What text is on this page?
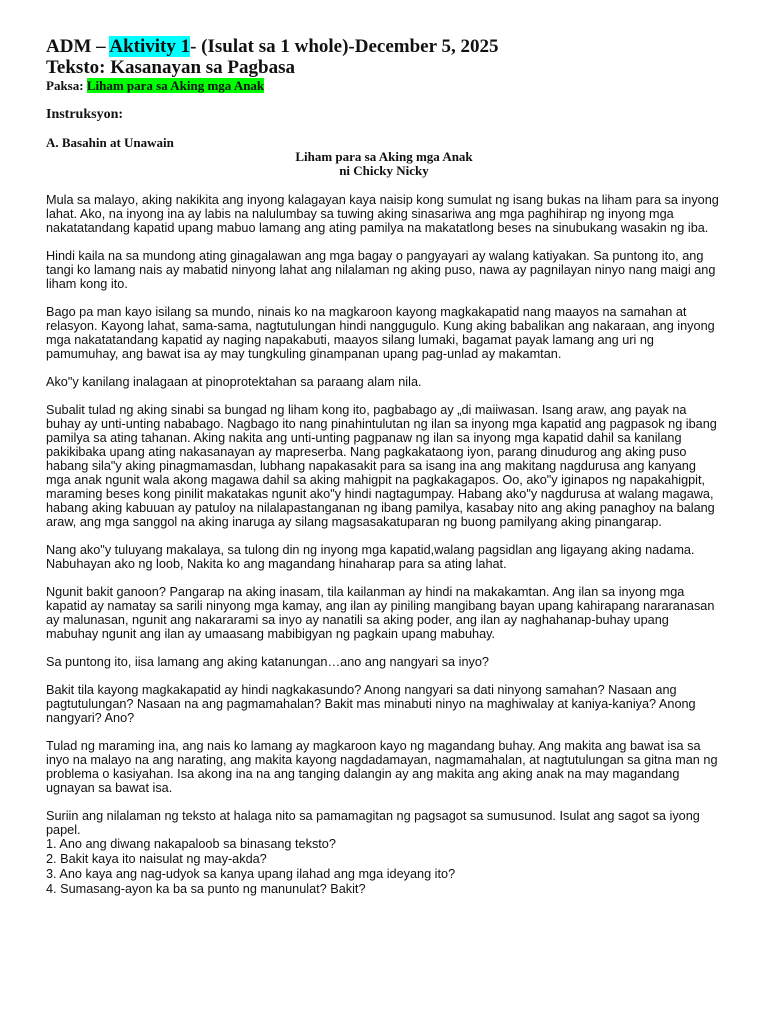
ADM – Aktivity 1- (Isulat sa 1 whole)-December 5, 2025
Teksto: Kasanayan sa Pagbasa
Paksa: Liham para sa Aking mga Anak
Instruksyon:
A. Basahin at Unawain
Liham para sa Aking mga Anak
ni Chicky Nicky

Mula sa malayo, aking nakikita ang inyong kalagayan kaya naisip kong sumulat ng isang bukas na liham para sa inyong lahat. Ako, na inyong ina ay labis na nalulumbay sa tuwing aking sinasariwa ang mga paghihirap ng inyong mga nakatatandang kapatid upang mabuo lamang ang ating pamilya na makatatlong beses na sinubukang wasakin ng iba.

Hindi kaila na sa mundong ating ginagalawan ang mga bagay o pangyayari ay walang katiyakan. Sa puntong ito, ang tangi ko lamang nais ay mabatid ninyong lahat ang nilalaman ng aking puso, nawa ay pagnilayan ninyo nang maigi ang liham kong ito.

Bago pa man kayo isilang sa mundo, ninais ko na magkaroon kayong magkakapatid nang maayos na samahan at relasyon. Kayong lahat, sama-sama, nagtutulungan hindi nanggugulo. Kung aking babalikan ang nakaraan, ang inyong mga nakatatandang kapatid ay naging napakabuti, maayos silang lumaki, bagamat payak lamang ang uri ng pamumuhay, ang bawat isa ay may tungkuling ginampanan upang pag-unlad ay makamtan.

Ako"y kanilang inalagaan at pinoprotektahan sa paraang alam nila.

Subalit tulad ng aking sinabi sa bungad ng liham kong ito, pagbabago ay „di maiiwasan. Isang araw, ang payak na buhay ay unti-unting nababago. Nagbago ito nang pinahintulutan ng ilan sa inyong mga kapatid ang pagpasok ng ibang pamilya sa ating tahanan. Aking nakita ang unti-unting pagpanaw ng ilan sa inyong mga kapatid dahil sa kanilang pakikibaka upang ating nakasanayan ay mapreserba. Nang pagkakataong iyon, parang dinudurog ang aking puso habang sila"y aking pinagmamasdan, lubhang napakasakit para sa isang ina ang makitang nagdurusa ang kanyang mga anak ngunit wala akong magawa dahil sa aking mahigpit na pagkakagapos. Oo, ako"y iginapos ng napakahigpit, maraming beses kong pinilit makatakas ngunit ako"y hindi nagtagumpay. Habang ako"y nagdurusa at walang magawa, habang aking kabuuan ay patuloy na nilalapastanganan ng ibang pamilya, kasabay nito ang aking panaghoy na balang araw, ang mga sanggol na aking inaruga ay silang magsasakatuparan ng buong pamilyang aking pinangarap.

Nang ako"y tuluyang makalaya, sa tulong din ng inyong mga kapatid,walang pagsidlan ang ligayang aking nadama. Nabuhayan ako ng loob, Nakita ko ang magandang hinaharap para sa ating lahat.

Ngunit bakit ganoon? Pangarap na aking inasam, tila kailanman ay hindi na makakamtan. Ang ilan sa inyong mga kapatid ay namatay sa sarili ninyong mga kamay, ang ilan ay piniling mangibang bayan upang kahirapang nararanasan ay malunasan, ngunit ang nakararami sa inyo ay nanatili sa aking poder, ang ilan ay naghahanap-buhay upang mabuhay ngunit ang ilan ay umaasang mabibigyan ng pagkain upang mabuhay.

Sa puntong ito, iisa lamang ang aking katanungan…ano ang nangyari sa inyo?

Bakit tila kayong magkakapatid ay hindi nagkakasundo? Anong nangyari sa dati ninyong samahan? Nasaan ang pagtutulungan? Nasaan na ang pagmamahalan? Bakit mas minabuti ninyo na maghiwalay at kaniya-kaniya? Anong nangyari? Ano?

Tulad ng maraming ina, ang nais ko lamang ay magkaroon kayo ng magandang buhay. Ang makita ang bawat isa sa inyo na malayo na ang narating, ang makita kayong nagdadamayan, nagmamahalan, at nagtutulungan sa gitna man ng problema o kasiyahan. Isa akong ina na ang tanging dalangin ay ang makita ang aking anak na may magandang ugnayan sa bawat isa.

Suriin ang nilalaman ng teksto at halaga nito sa pamamagitan ng pagsagot sa sumusunod. Isulat ang sagot sa iyong papel.

1. Ano ang diwang nakapaloob sa binasang teksto?

2. Bakit kaya ito naisulat ng may-akda?

3. Ano kaya ang nag-udyok sa kanya upang ilahad ang mga ideyang ito?

4. Sumasang-ayon ka ba sa punto ng manunulat? Bakit?
